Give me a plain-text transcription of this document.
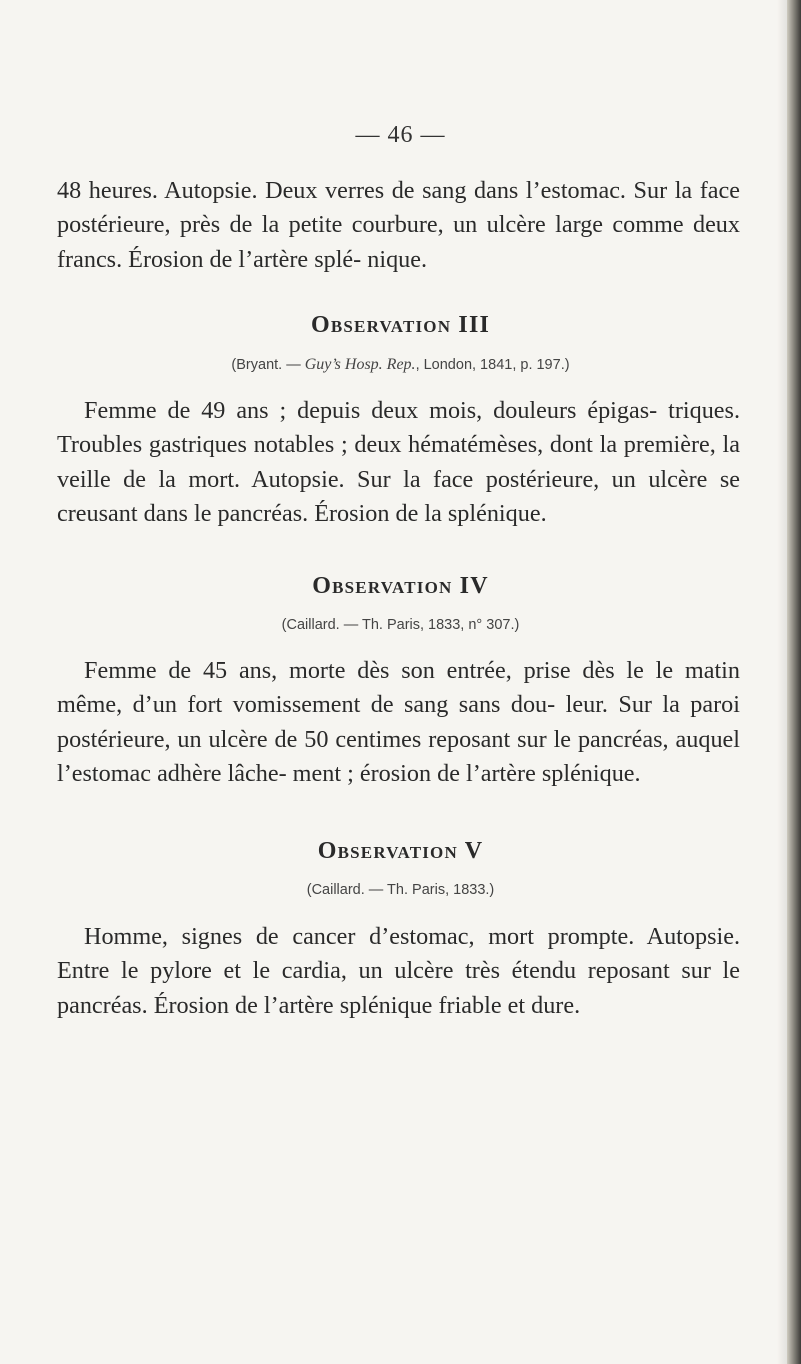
— 46 —

48 heures. Autopsie. Deux verres de sang dans l’estomac. Sur la face postérieure, près de la petite courbure, un ulcère large comme deux francs. Érosion de l’artère splé- nique.

Observation III

(Bryant. — Guy’s Hosp. Rep., London, 1841, p. 197.)

Femme de 49 ans ; depuis deux mois, douleurs épigas- triques. Troubles gastriques notables ; deux hématémèses, dont la première, la veille de la mort. Autopsie. Sur la face postérieure, un ulcère se creusant dans le pancréas. Érosion de la splénique.

Observation IV

(Caillard. — Th. Paris, 1833, n° 307.)

Femme de 45 ans, morte dès son entrée, prise dès le le matin même, d’un fort vomissement de sang sans dou- leur. Sur la paroi postérieure, un ulcère de 50 centimes reposant sur le pancréas, auquel l’estomac adhère lâche- ment ; érosion de l’artère splénique.

Observation V

(Caillard. — Th. Paris, 1833.)

Homme, signes de cancer d’estomac, mort prompte. Autopsie. Entre le pylore et le cardia, un ulcère très étendu reposant sur le pancréas. Érosion de l’artère splénique friable et dure.
